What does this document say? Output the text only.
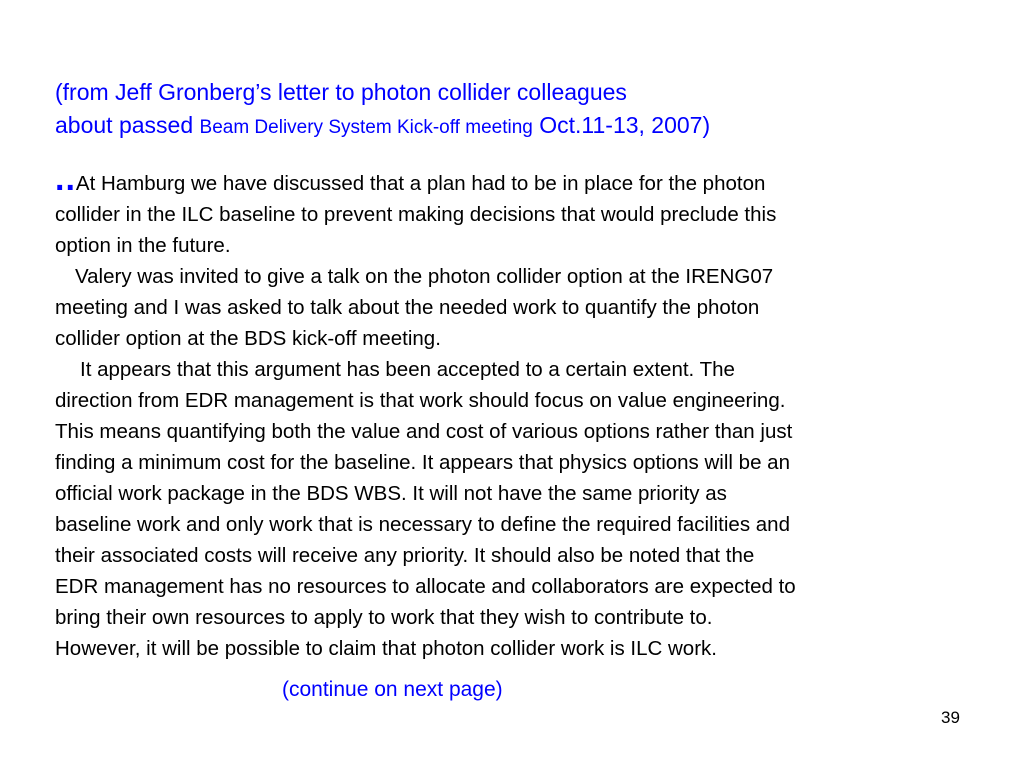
(from Jeff Gronberg’s letter to photon collider colleagues
about passed Beam Delivery System Kick-off meeting Oct.11-13, 2007)
..At Hamburg we have discussed that a plan had to be in place for the photon
collider in the ILC baseline to prevent making decisions that would preclude this
option in the future.
Valery was invited to give a talk on the photon collider option at the IRENG07
meeting and I was asked to talk about the needed work to quantify the photon
collider option at the BDS kick-off meeting.
It appears that this argument has been accepted to a certain extent. The
direction from EDR management is that work should focus on value engineering.
This means quantifying both the value and cost of various options rather than just
finding a minimum cost for the baseline. It appears that physics options will be an
official work package in the BDS WBS. It will not have the same priority as
baseline work and only work that is necessary to define the required facilities and
their associated costs will receive any priority. It should also be noted that the
EDR management has no resources to allocate and collaborators are expected to
bring their own resources to apply to work that they wish to contribute to.
However, it will be possible to claim that photon collider work is ILC work.
(continue on next page)
39
